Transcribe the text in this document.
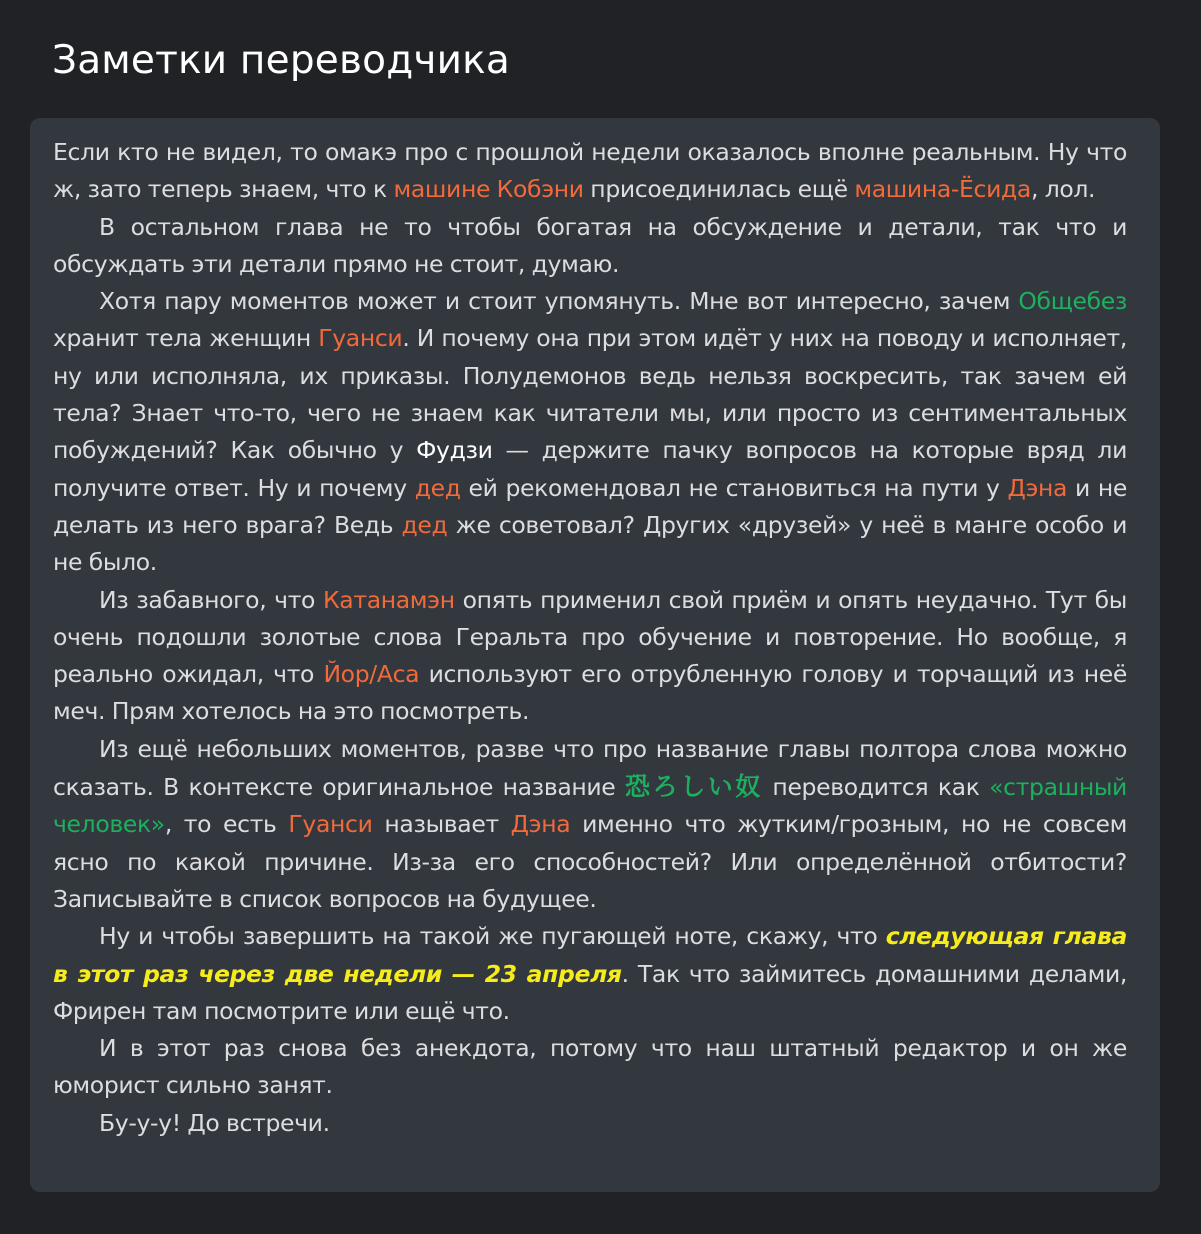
Заметки переводчика

Если кто не видел, то омакэ про с прошлой недели оказалось вполне реальным. Ну что ж, зато теперь знаем, что к машине Кобэни присоединилась ещё машина-Ёсида, лол.

В остальном глава не то чтобы богатая на обсуждение и детали, так что и обсуждать эти детали прямо не стоит, думаю.

Хотя пару моментов может и стоит упомянуть. Мне вот интересно, зачем Общебез хранит тела женщин Гуанси. И почему она при этом идёт у них на поводу и исполняет, ну или исполняла, их приказы. Полудемонов ведь нельзя воскресить, так зачем ей тела? Знает что-то, чего не знаем как читатели мы, или просто из сентиментальных побуждений? Как обычно у Фудзи — держите пачку вопросов на которые вряд ли получите ответ. Ну и почему дед ей рекомендовал не становиться на пути у Дэна и не делать из него врага? Ведь дед же советовал? Других «друзей» у неё в манге особо и не было.

Из забавного, что Катанамэн опять применил свой приём и опять неудачно. Тут бы очень подошли золотые слова Геральта про обучение и повторение. Но вообще, я реально ожидал, что Йор/Аса используют его отрубленную голову и торчащий из неё меч. Прям хотелось на это посмотреть.

Из ещё небольших моментов, разве что про название главы полтора слова можно сказать. В контексте оригинальное название 恐ろしい奴 переводится как «страшный человек», то есть Гуанси называет Дэна именно что жутким/грозным, но не совсем ясно по какой причине. Из-за его способностей? Или определённой отбитости? Записывайте в список вопросов на будущее.

Ну и чтобы завершить на такой же пугающей ноте, скажу, что следующая глава в этот раз через две недели — 23 апреля. Так что займитесь домашними делами, Фрирен там посмотрите или ещё что.

И в этот раз снова без анекдота, потому что наш штатный редактор и он же юморист сильно занят.

Бу-у-у! До встречи.
